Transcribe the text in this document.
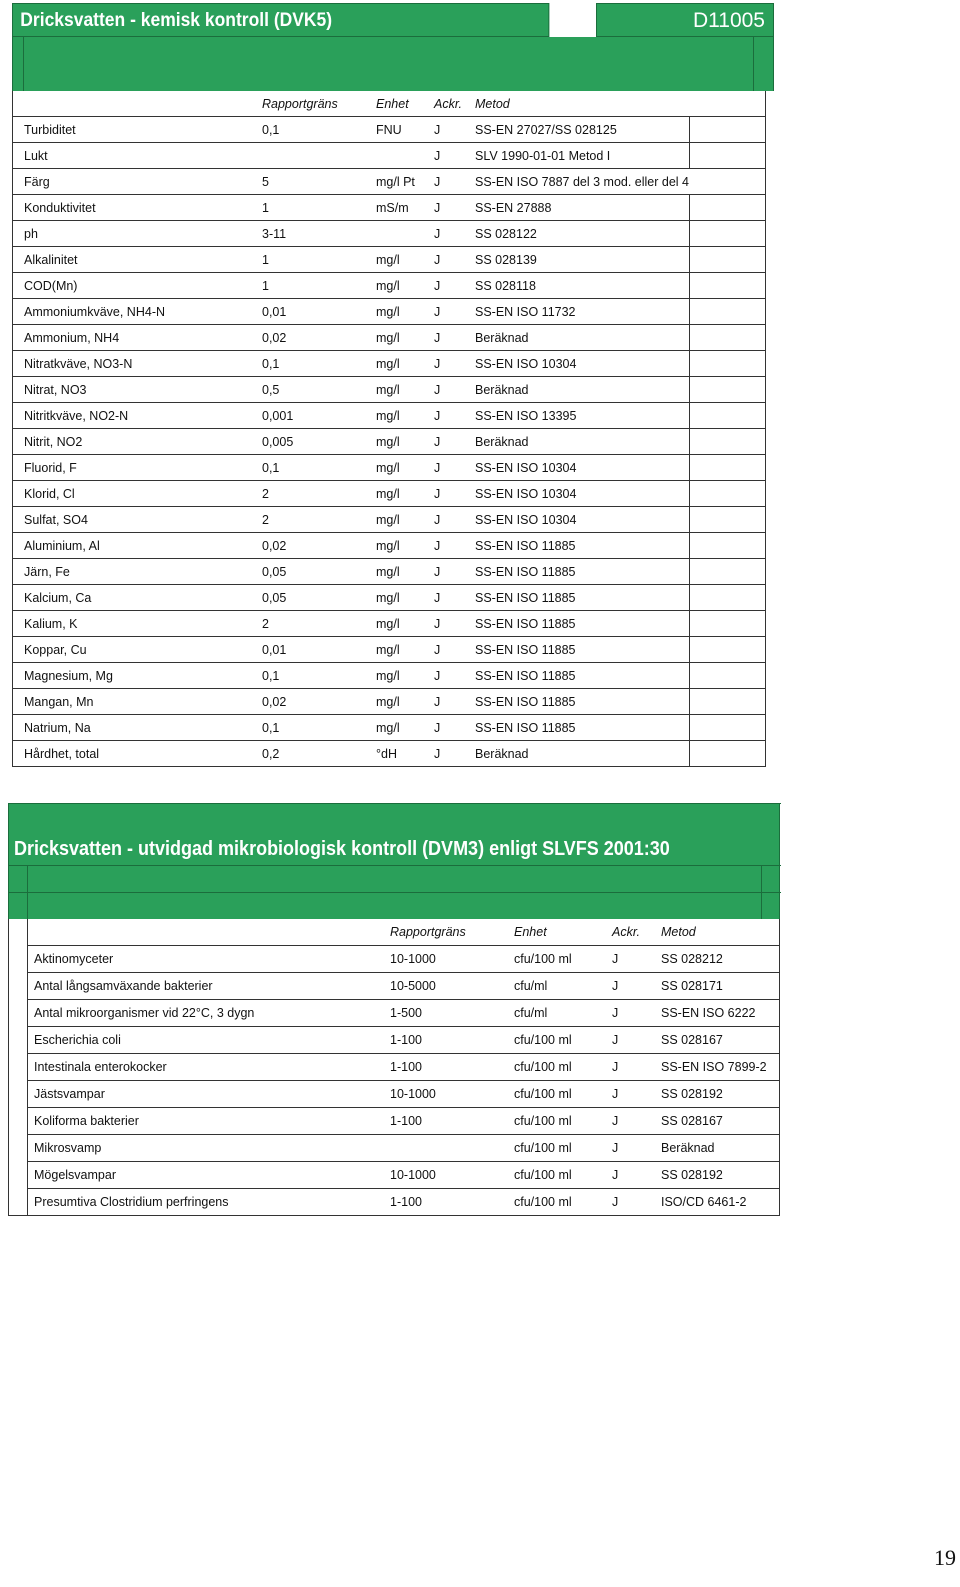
Dricksvatten - kemisk kontroll (DVK5)	D11005
		Rapportgräns	Enhet	Ackr.	Metod	
	Turbiditet	0,1	FNU	J	SS-EN 27027/SS 028125	
	Lukt			J	SLV 1990-01-01 Metod I	
	Färg	5	mg/l Pt	J	SS-EN ISO 7887 del 3 mod. eller del 4	
	Konduktivitet	1	mS/m	J	SS-EN 27888	
	ph	3-11		J	SS 028122	
	Alkalinitet	1	mg/l	J	SS 028139	
	COD(Mn)	1	mg/l	J	SS 028118	
	Ammoniumkväve, NH4-N	0,01	mg/l	J	SS-EN ISO 11732	
	Ammonium, NH4	0,02	mg/l	J	Beräknad	
	Nitratkväve, NO3-N	0,1	mg/l	J	SS-EN ISO 10304	
	Nitrat, NO3	0,5	mg/l	J	Beräknad	
	Nitritkväve, NO2-N	0,001	mg/l	J	SS-EN ISO 13395	
	Nitrit, NO2	0,005	mg/l	J	Beräknad	
	Fluorid, F	0,1	mg/l	J	SS-EN ISO 10304	
	Klorid, Cl	2	mg/l	J	SS-EN ISO 10304	
	Sulfat, SO4	2	mg/l	J	SS-EN ISO 10304	
	Aluminium, Al	0,02	mg/l	J	SS-EN ISO 11885	
	Järn, Fe	0,05	mg/l	J	SS-EN ISO 11885	
	Kalcium, Ca	0,05	mg/l	J	SS-EN ISO 11885	
	Kalium, K	2	mg/l	J	SS-EN ISO 11885	
	Koppar, Cu	0,01	mg/l	J	SS-EN ISO 11885	
	Magnesium, Mg	0,1	mg/l	J	SS-EN ISO 11885	
	Mangan, Mn	0,02	mg/l	J	SS-EN ISO 11885	
	Natrium, Na	0,1	mg/l	J	SS-EN ISO 11885	
	Hårdhet, total	0,2	°dH	J	Beräknad	
Dricksvatten - utvidgad mikrobiologisk kontroll (DVM3) enligt SLVFS 2001:30
		Rapportgräns	Enhet	Ackr.	Metod
	Aktinomyceter	10-1000	cfu/100 ml	J	SS 028212
	Antal långsamväxande bakterier	10-5000	cfu/ml	J	SS 028171
	Antal mikroorganismer vid 22°C, 3 dygn	1-500	cfu/ml	J	SS-EN ISO 6222
	Escherichia coli	1-100	cfu/100 ml	J	SS 028167
	Intestinala enterokocker	1-100	cfu/100 ml	J	SS-EN ISO 7899-2
	Jästsvampar	10-1000	cfu/100 ml	J	SS 028192
	Koliforma bakterier	1-100	cfu/100 ml	J	SS 028167
	Mikrosvamp		cfu/100 ml	J	Beräknad
	Mögelsvampar	10-1000	cfu/100 ml	J	SS 028192
	Presumtiva Clostridium perfringens	1-100	cfu/100 ml	J	ISO/CD 6461-2
19
